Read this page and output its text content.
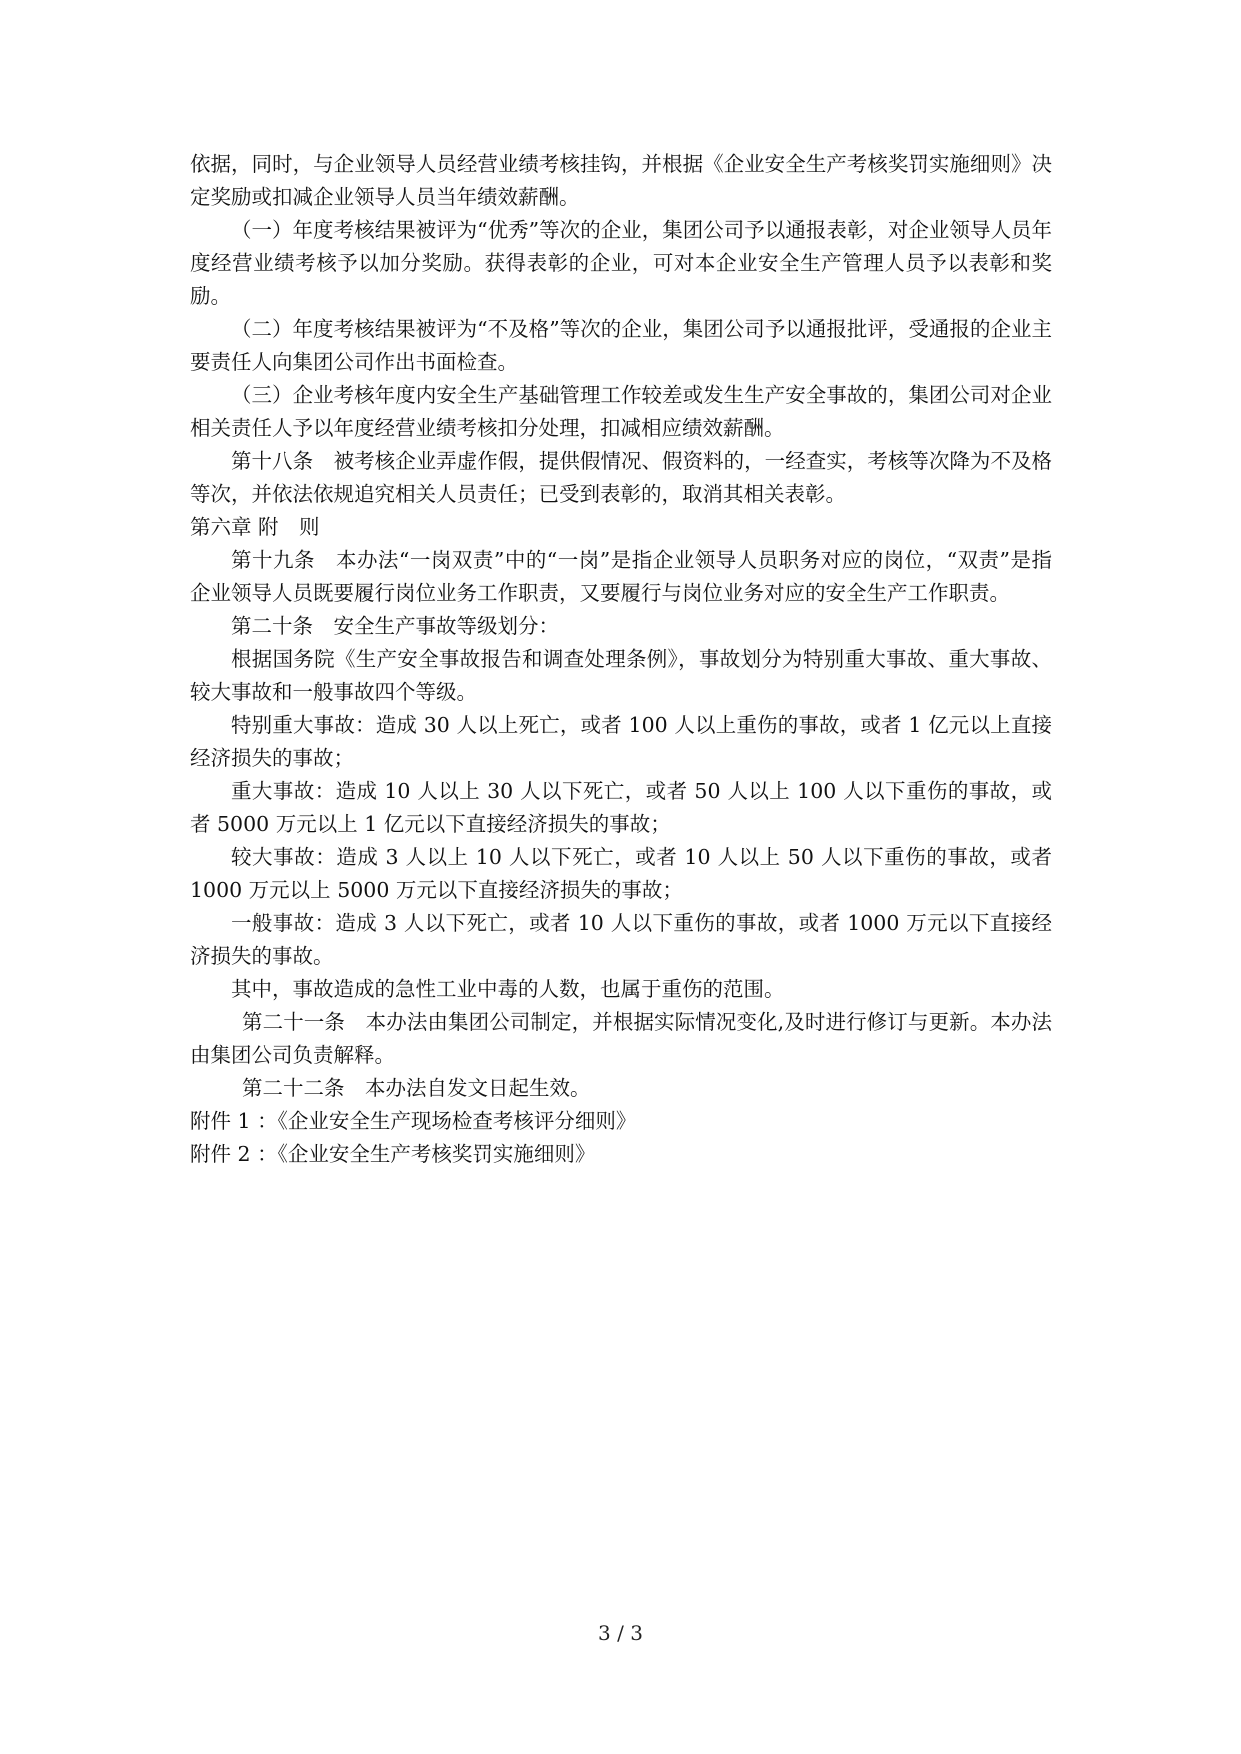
依据，同时，与企业领导人员经营业绩考核挂钩，并根据《企业安全生产考核奖罚实施细则》决定奖励或扣减企业领导人员当年绩效薪酬。

（一）年度考核结果被评为“优秀”等次的企业，集团公司予以通报表彰，对企业领导人员年度经营业绩考核予以加分奖励。获得表彰的企业，可对本企业安全生产管理人员予以表彰和奖励。

（二）年度考核结果被评为“不及格”等次的企业，集团公司予以通报批评，受通报的企业主要责任人向集团公司作出书面检查。

（三）企业考核年度内安全生产基础管理工作较差或发生生产安全事故的，集团公司对企业相关责任人予以年度经营业绩考核扣分处理，扣减相应绩效薪酬。

第十八条　被考核企业弄虚作假，提供假情况、假资料的，一经查实，考核等次降为不及格等次，并依法依规追究相关人员责任；已受到表彰的，取消其相关表彰。

第六章 附　则

第十九条　本办法“一岗双责”中的“一岗”是指企业领导人员职务对应的岗位，“双责”是指企业领导人员既要履行岗位业务工作职责，又要履行与岗位业务对应的安全生产工作职责。

第二十条　安全生产事故等级划分：

根据国务院《生产安全事故报告和调查处理条例》，事故划分为特别重大事故、重大事故、较大事故和一般事故四个等级。

特别重大事故：造成 30 人以上死亡，或者 100 人以上重伤的事故，或者 1 亿元以上直接经济损失的事故；

重大事故：造成 10 人以上 30 人以下死亡，或者 50 人以上 100 人以下重伤的事故，或者 5000 万元以上 1 亿元以下直接经济损失的事故；

较大事故：造成 3 人以上 10 人以下死亡，或者 10 人以上 50 人以下重伤的事故，或者 1000 万元以上 5000 万元以下直接经济损失的事故；

一般事故：造成 3 人以下死亡，或者 10 人以下重伤的事故，或者 1000 万元以下直接经济损失的事故。

其中，事故造成的急性工业中毒的人数，也属于重伤的范围。

第二十一条　本办法由集团公司制定，并根据实际情况变化,及时进行修订与更新。本办法由集团公司负责解释。

第二十二条　本办法自发文日起生效。

附件 1 ：《企业安全生产现场检查考核评分细则》

附件 2 ：《企业安全生产考核奖罚实施细则》

3 / 3
